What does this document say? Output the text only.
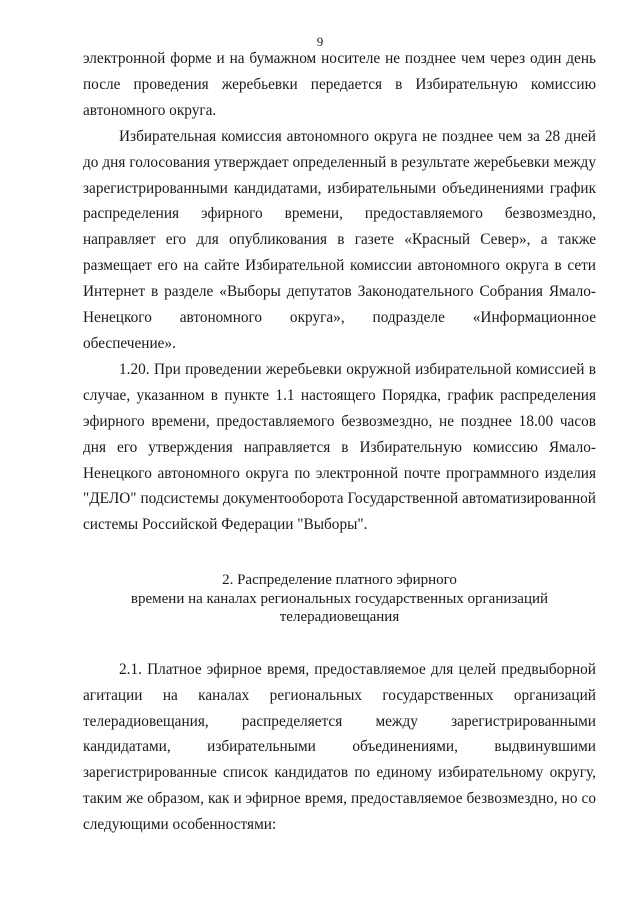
9

электронной форме и на бумажном носителе не позднее чем через один день после проведения жеребьевки передается в Избирательную комиссию автономного округа.

Избирательная комиссия автономного округа не позднее чем за 28 дней до дня голосования утверждает определенный в результате жеребьевки между зарегистрированными кандидатами, избирательными объединениями график распределения эфирного времени, предоставляемого безвозмездно, направляет его для опубликования в газете «Красный Север», а также размещает его на сайте Избирательной комиссии автономного округа в сети Интернет в разделе «Выборы депутатов Законодательного Собрания Ямало-Ненецкого автономного округа», подразделе «Информационное обеспечение».

1.20. При проведении жеребьевки окружной избирательной комиссией в случае, указанном в пункте 1.1 настоящего Порядка, график распределения эфирного времени, предоставляемого безвозмездно, не позднее 18.00 часов дня его утверждения направляется в Избирательную комиссию Ямало-Ненецкого автономного округа по электронной почте программного изделия "ДЕЛО" подсистемы документооборота Государственной автоматизированной системы Российской Федерации "Выборы".

2. Распределение платного эфирного
времени на каналах региональных государственных организаций
телерадиовещания

2.1. Платное эфирное время, предоставляемое для целей предвыборной агитации на каналах региональных государственных организаций телерадиовещания, распределяется между зарегистрированными кандидатами, избирательными объединениями, выдвинувшими зарегистрированные список кандидатов по единому избирательному округу, таким же образом, как и эфирное время, предоставляемое безвозмездно, но со следующими особенностями:
